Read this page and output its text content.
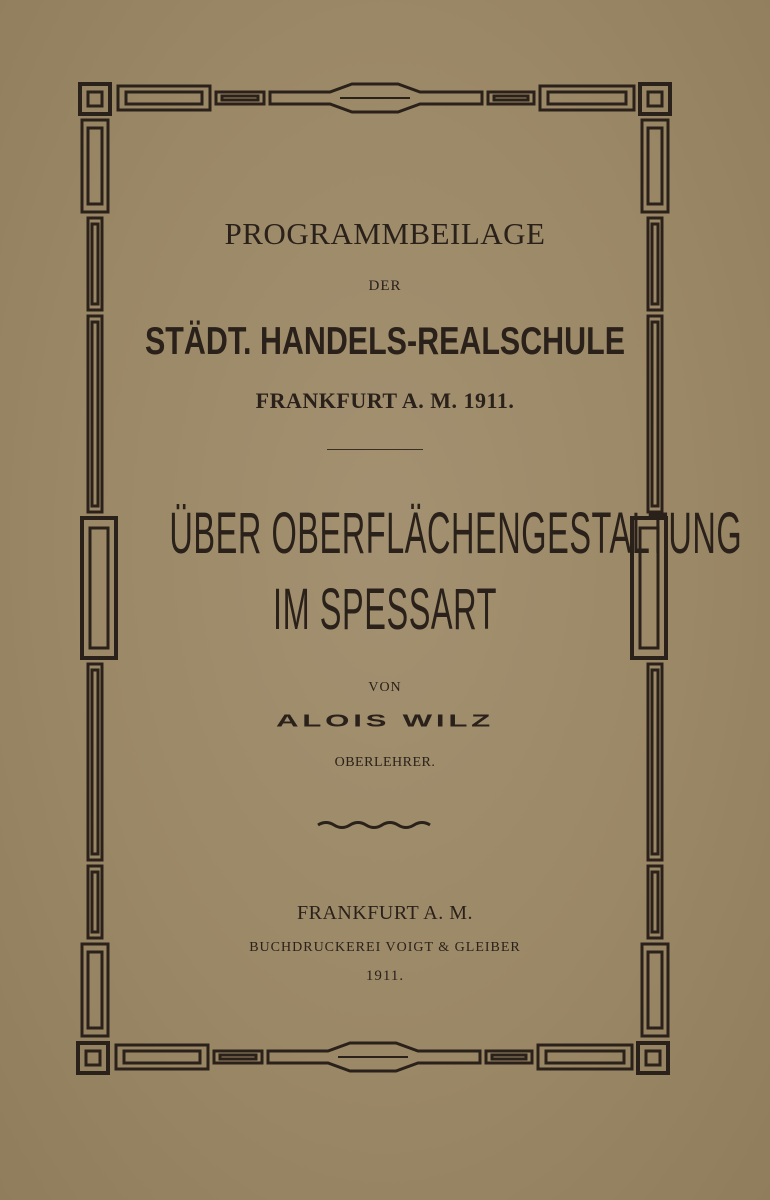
PROGRAMMBEILAGE
DER
STÄDT. HANDELS-REALSCHULE
FRANKFURT A. M. 1911.
ÜBER OBERFLÄCHENGESTALTUNG
IM SPESSART
VON
ALOIS WILZ
OBERLEHRER.
FRANKFURT A. M.
BUCHDRUCKEREI VOIGT & GLEIBER
1911.
